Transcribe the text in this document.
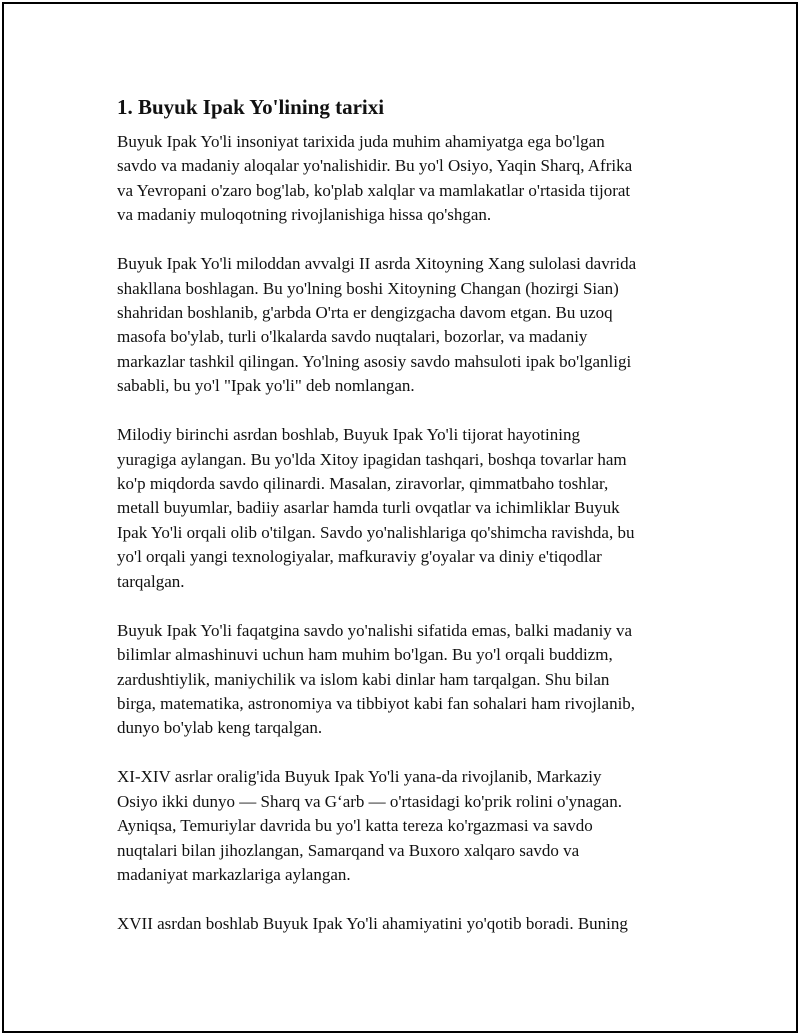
1. Buyuk Ipak Yo'lining tarixi

Buyuk Ipak Yo'li insoniyat tarixida juda muhim ahamiyatga ega bo'lgan
savdo va madaniy aloqalar yo'nalishidir. Bu yo'l Osiyo, Yaqin Sharq, Afrika
va Yevropani o'zaro bog'lab, ko'plab xalqlar va mamlakatlar o'rtasida tijorat
va madaniy muloqotning rivojlanishiga hissa qo'shgan.

Buyuk Ipak Yo'li miloddan avvalgi II asrda Xitoyning Xang sulolasi davrida
shakllana boshlagan. Bu yo'lning boshi Xitoyning Changan (hozirgi Sian)
shahridan boshlanib, g'arbda O'rta er dengizgacha davom etgan. Bu uzoq
masofa bo'ylab, turli o'lkalarda savdo nuqtalari, bozorlar, va madaniy
markazlar tashkil qilingan. Yo'lning asosiy savdo mahsuloti ipak bo'lganligi
sababli, bu yo'l "Ipak yo'li" deb nomlangan.

Milodiy birinchi asrdan boshlab, Buyuk Ipak Yo'li tijorat hayotining
yuragiga aylangan. Bu yo'lda Xitoy ipagidan tashqari, boshqa tovarlar ham
ko'p miqdorda savdo qilinardi. Masalan, ziravorlar, qimmatbaho toshlar,
metall buyumlar, badiiy asarlar hamda turli ovqatlar va ichimliklar Buyuk
Ipak Yo'li orqali olib o'tilgan. Savdo yo'nalishlariga qo'shimcha ravishda, bu
yo'l orqali yangi texnologiyalar, mafkuraviy g'oyalar va diniy e'tiqodlar
tarqalgan.

Buyuk Ipak Yo'li faqatgina savdo yo'nalishi sifatida emas, balki madaniy va
bilimlar almashinuvi uchun ham muhim bo'lgan. Bu yo'l orqali buddizm,
zardushtiylik, maniychilik va islom kabi dinlar ham tarqalgan. Shu bilan
birga, matematika, astronomiya va tibbiyot kabi fan sohalari ham rivojlanib,
dunyo bo'ylab keng tarqalgan.

XI-XIV asrlar oralig'ida Buyuk Ipak Yo'li yana-da rivojlanib, Markaziy
Osiyo ikki dunyo — Sharq va G‘arb — o'rtasidagi ko'prik rolini o'ynagan.
Ayniqsa, Temuriylar davrida bu yo'l katta tereza ko'rgazmasi va savdo
nuqtalari bilan jihozlangan, Samarqand va Buxoro xalqaro savdo va
madaniyat markazlariga aylangan.

XVII asrdan boshlab Buyuk Ipak Yo'li ahamiyatini yo'qotib boradi. Buning
